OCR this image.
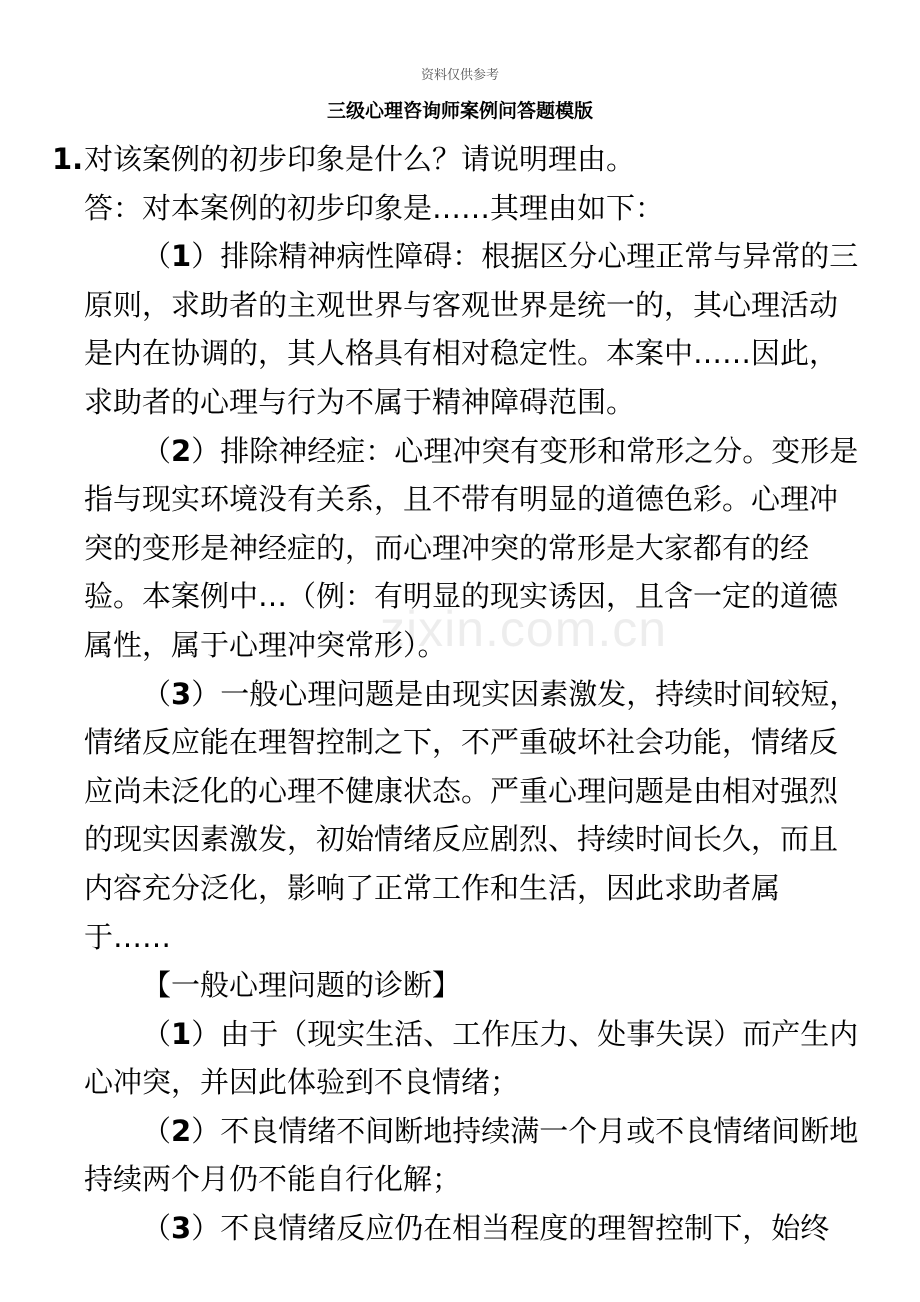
资料仅供参考
三级心理咨询师案例问答题模版

1. 对该案例的初步印象是什么？请说明理由。

答：对本案例的初步印象是……其理由如下：

（1）排除精神病性障碍：根据区分心理正常与异常的三原则，求助者的主观世界与客观世界是统一的，其心理活动是内在协调的，其人格具有相对稳定性。本案中……因此，求助者的心理与行为不属于精神障碍范围。

（2）排除神经症：心理冲突有变形和常形之分。变形是指与现实环境没有关系，且不带有明显的道德色彩。心理冲突的变形是神经症的，而心理冲突的常形是大家都有的经验。本案例中…（例：有明显的现实诱因，且含一定的道德属性，属于心理冲突常形）。

（3）一般心理问题是由现实因素激发，持续时间较短，情绪反应能在理智控制之下，不严重破坏社会功能，情绪反应尚未泛化的心理不健康状态。严重心理问题是由相对强烈的现实因素激发，初始情绪反应剧烈、持续时间长久，而且内容充分泛化，影响了正常工作和生活，因此求助者属于……

【一般心理问题的诊断】

（1）由于（现实生活、工作压力、处事失误）而产生内心冲突，并因此体验到不良情绪；

（2）不良情绪不间断地持续满一个月或不良情绪间断地持续两个月仍不能自行化解；

（3）不良情绪反应仍在相当程度的理智控制下，始终

zixin.com.cn
